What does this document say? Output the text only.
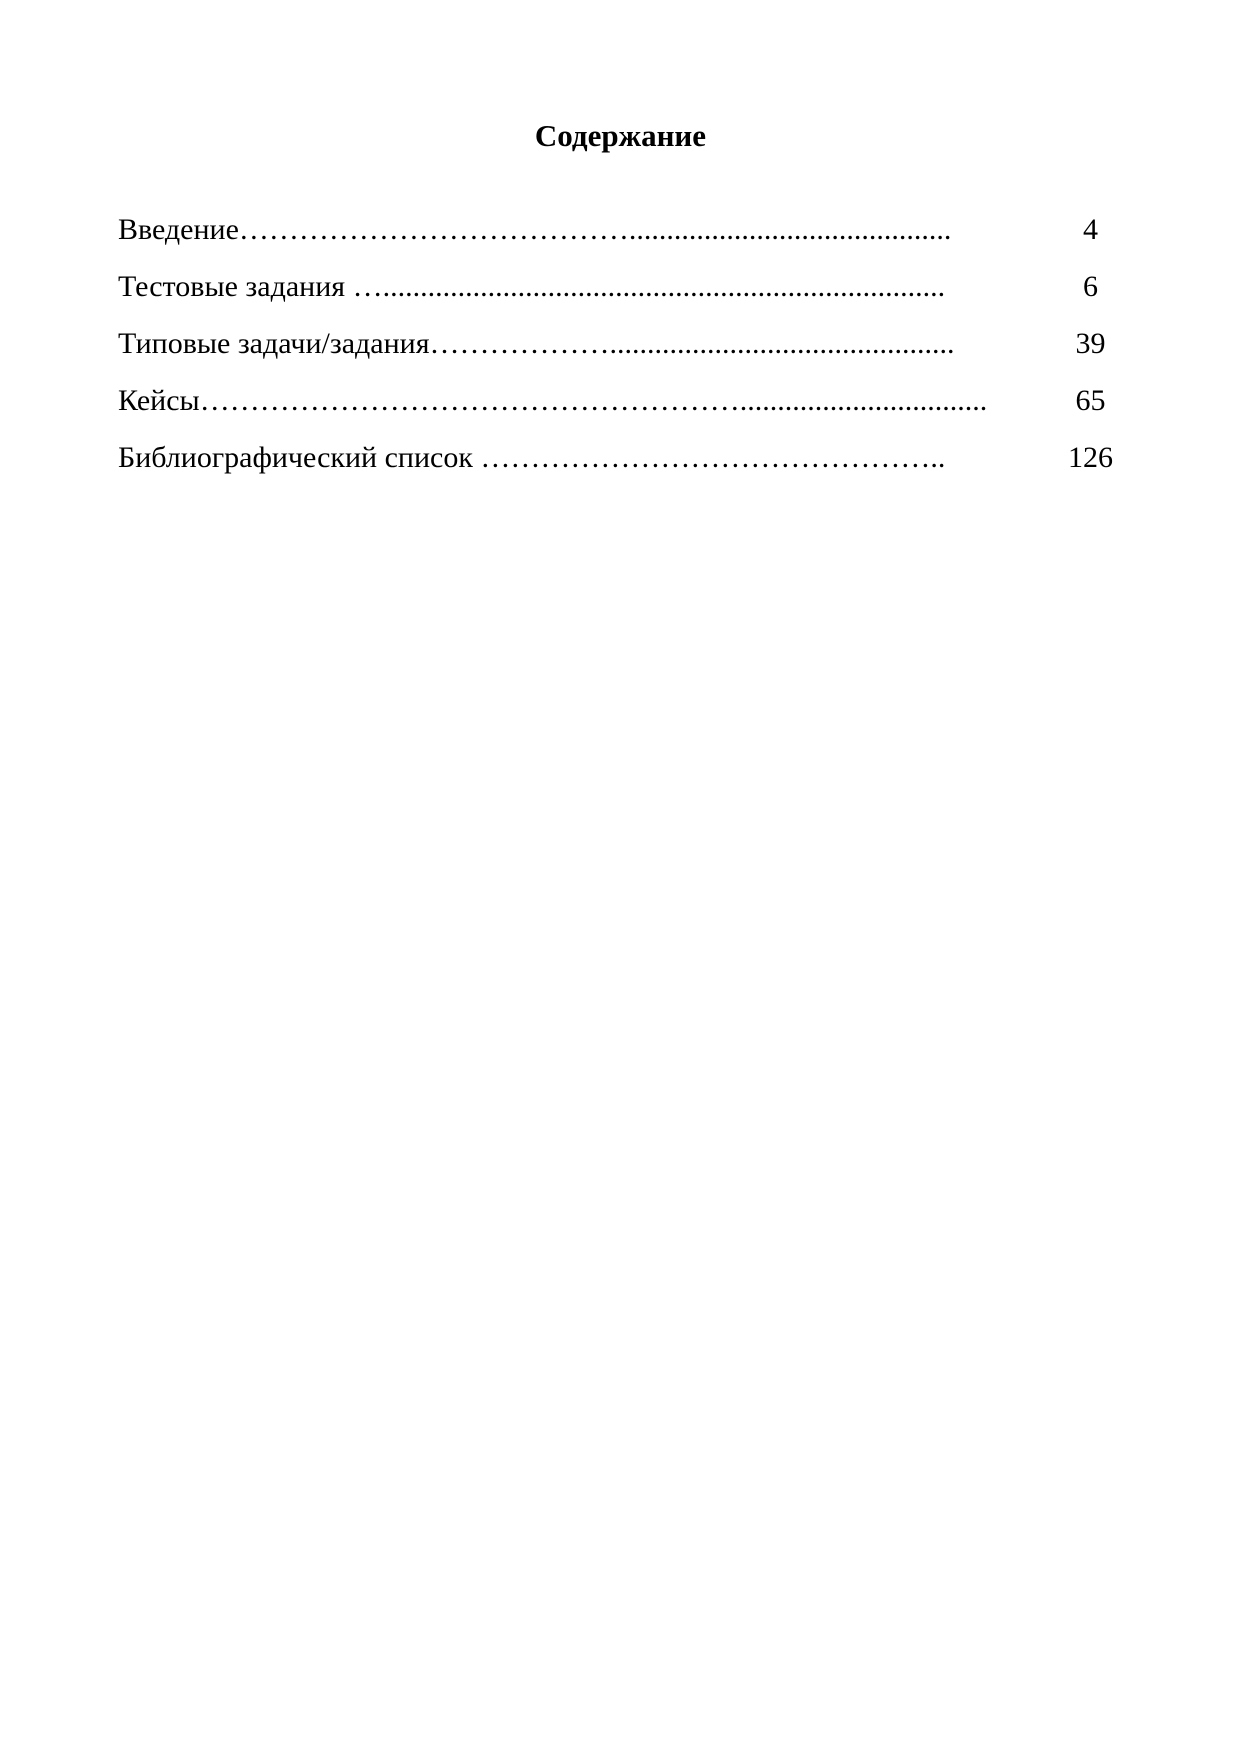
Содержание
Введение…………………………………...........................................	4
Тестовые задания …...........................................................................	6
Типовые задачи/задания………………..............................................	39
Кейсы……………………………………………….................................	65
Библиографический список ………………………………………..	126
